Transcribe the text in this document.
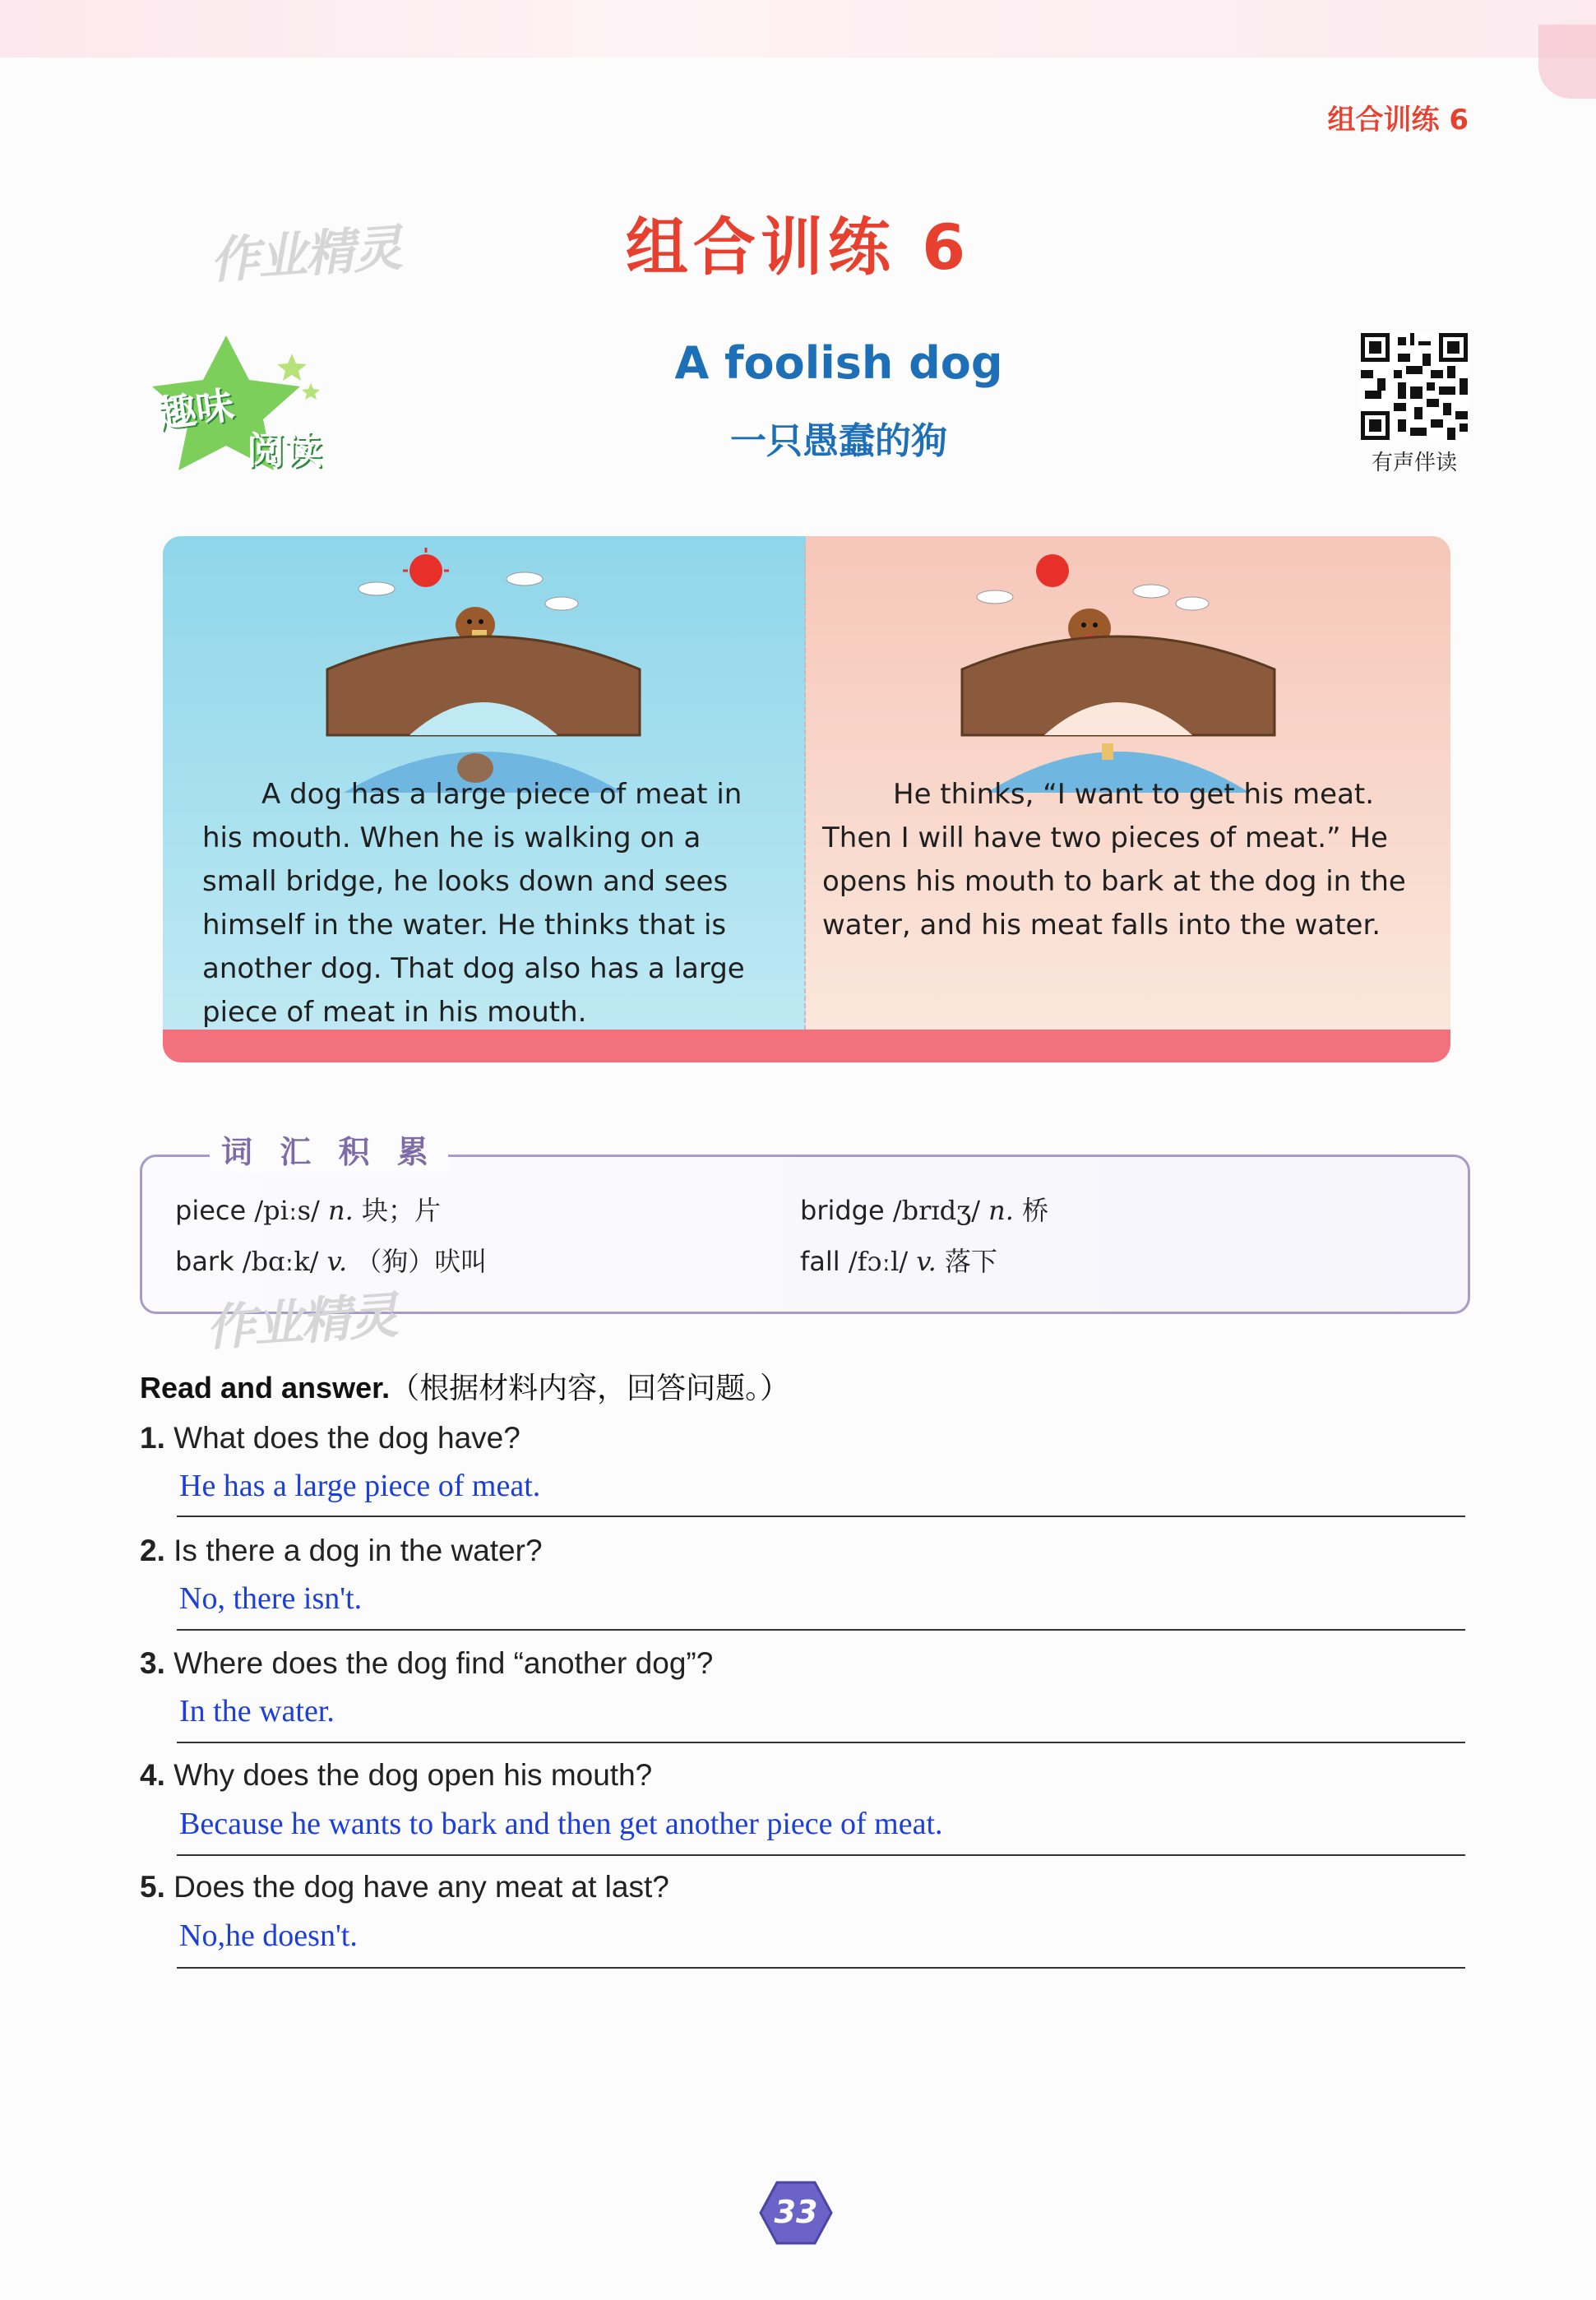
组合训练 6
作业精灵	组合训练 6
趣味
阅读
A foolish dog
一只愚蠢的狗
有声伴读
A dog has a large piece of meat in
his mouth. When he is walking on a
small bridge, he looks down and sees
himself in the water. He thinks that is
another dog. That dog also has a large
piece of meat in his mouth.
He thinks, “I want to get his meat.
Then I will have two pieces of meat.” He
opens his mouth to bark at the dog in the
water, and his meat falls into the water.
piece /piːs/ n. 块；片
bark /bɑːk/ v. （狗）吠叫
bridge /brɪdʒ/ n. 桥
fall /fɔːl/ v. 落下
词 汇 积 累
作业精灵
Read and answer.（根据材料内容，回答问题。）
1. What does the dog have?
He has a large piece of meat.
2. Is there a dog in the water?
No, there isn't.
3. Where does the dog find “another dog”?
In the water.
4. Why does the dog open his mouth?
Because he wants to bark and then get another piece of meat.
5. Does the dog have any meat at last?
No,he doesn't.
33
